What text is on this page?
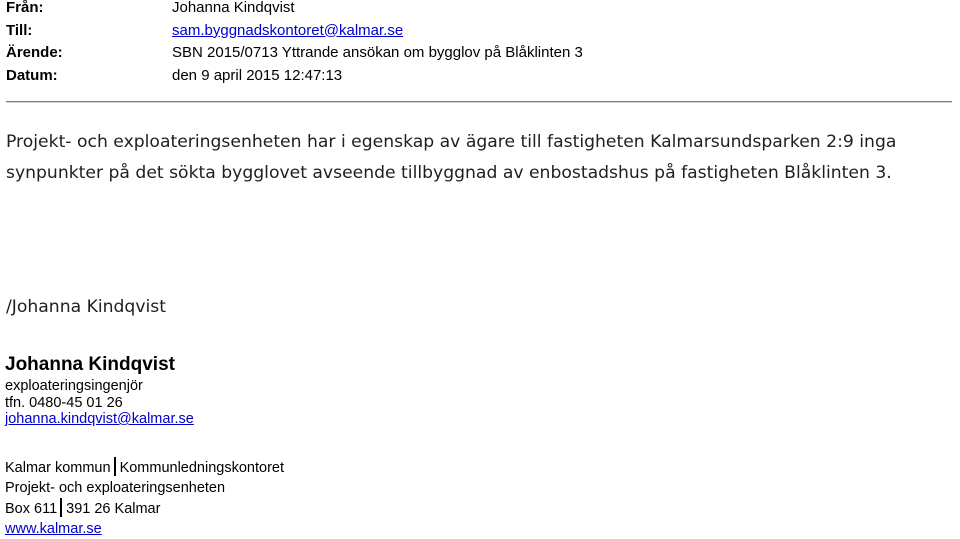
Från:	Johanna Kindqvist
Till:	sam.byggnadskontoret@kalmar.se
Ärende:	SBN 2015/0713 Yttrande ansökan om bygglov på Blåklinten 3
Datum:	den 9 april 2015 12:47:13
Projekt- och exploateringsenheten har i egenskap av ägare till fastigheten Kalmarsundsparken 2:9 inga synpunkter på det sökta bygglovet avseende tillbyggnad av enbostadshus på fastigheten Blåklinten 3.
/Johanna Kindqvist
Johanna Kindqvist
exploateringsingenjör
tfn. 0480-45 01 26
johanna.kindqvist@kalmar.se
Kalmar kommun Kommunledningskontoret
Projekt- och exploateringsenheten
Box 611 391 26 Kalmar
www.kalmar.se
